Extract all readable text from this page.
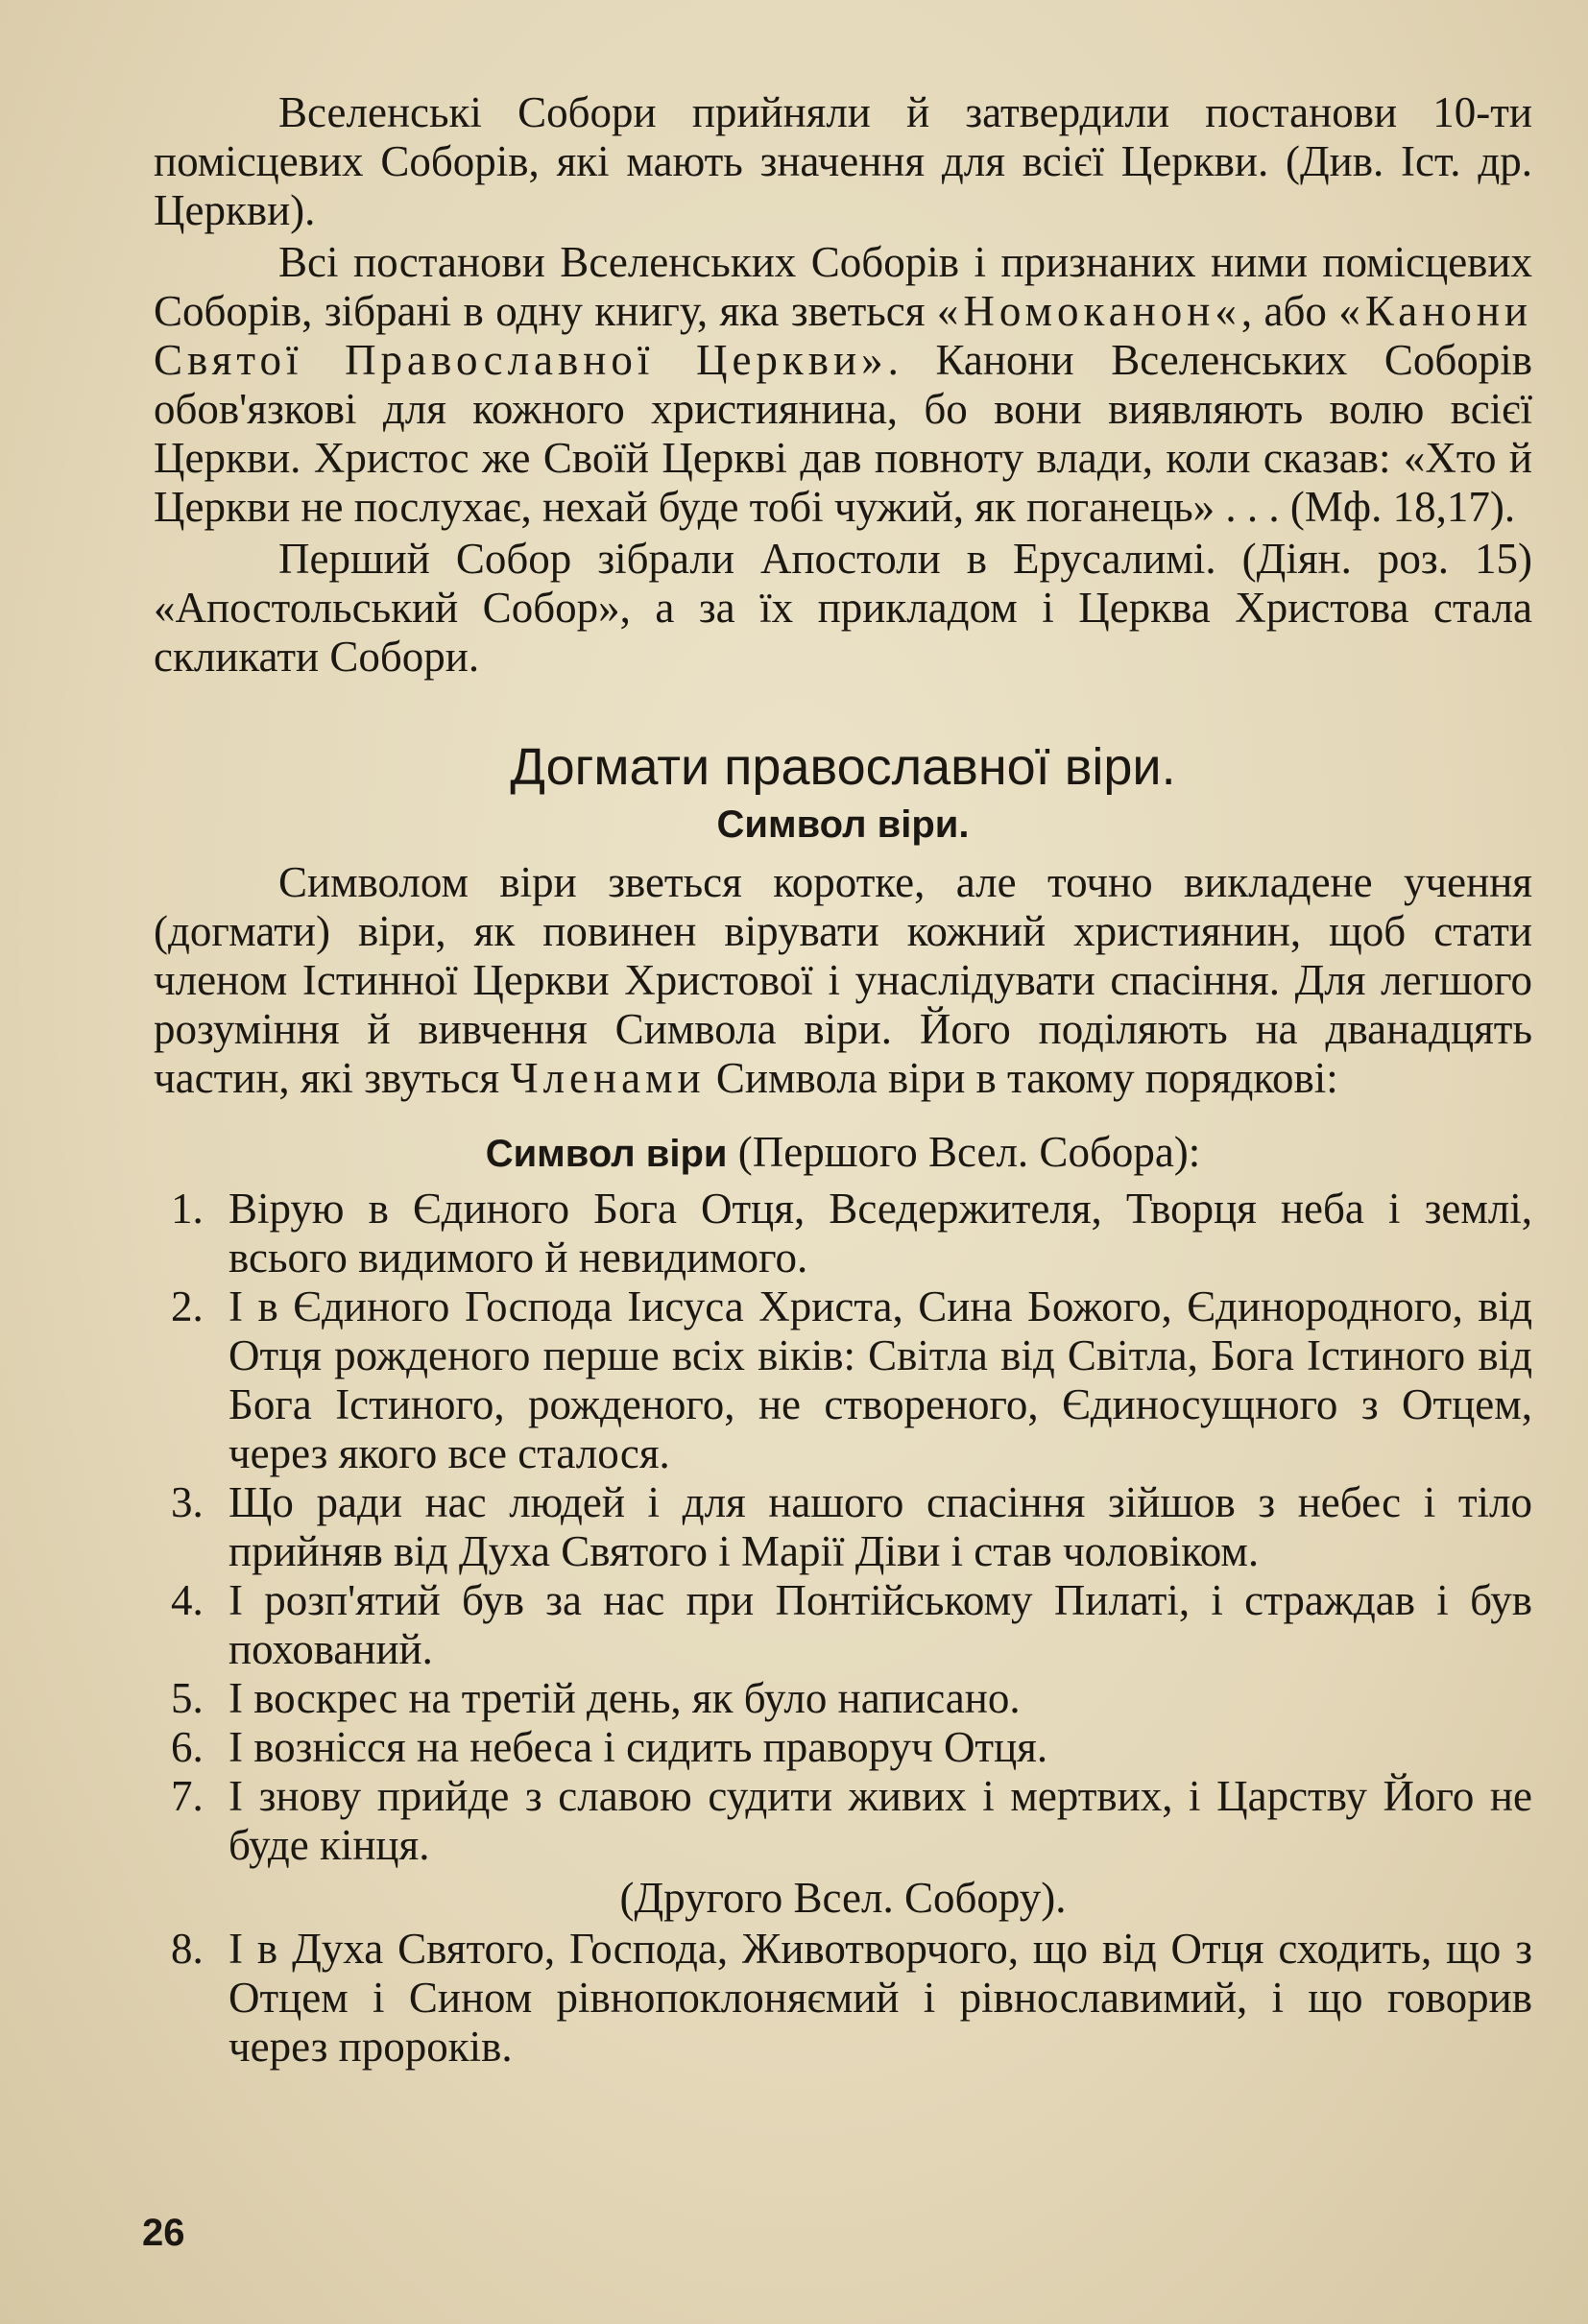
Вселенські Собори прийняли й затвердили постанови 10-ти помісцевих Соборів, які мають значення для всієї Церкви. (Див. Іст. др. Церкви).

Всі постанови Вселенських Соборів і признаних ними помісцевих Соборів, зібрані в одну книгу, яка зветься «Номоканон«, або «Канони Святої Православної Церкви». Канони Вселенських Соборів обов'язкові для кожного християнина, бо вони виявляють волю всієї Церкви. Христос же Своїй Церкві дав повноту влади, коли сказав: «Хто й Церкви не послухає, нехай буде тобі чужий, як поганець» . . . (Мф. 18,17).

Перший Собор зібрали Апостоли в Ерусалимі. (Діян. роз. 15) «Апостольський Собор», а за їх прикладом і Церква Христова стала скликати Собори.

Догмати православної віри.
Символ віри.

Символом віри зветься коротке, але точно викладене учення (догмати) віри, як повинен вірувати кожний християнин, щоб стати членом Істинної Церкви Христової і унаслідувати спасіння. Для легшого розуміння й вивчення Символа віри. Його поділяють на дванадцять частин, які звуться Членами Символа віри в такому порядкові:

Символ віри (Першого Всел. Собора):
1. Вірую в Єдиного Бога Отця, Вседержителя, Творця неба і землі, всього видимого й невидимого.
2. І в Єдиного Господа Іисуса Христа, Сина Божого, Єдинородного, від Отця рожденого перше всіх віків: Світла від Світла, Бога Істиного від Бога Істиного, рожденого, не створеного, Єдиносущного з Отцем, через якого все сталося.
3. Що ради нас людей і для нашого спасіння зійшов з небес і тіло прийняв від Духа Святого і Марії Діви і став чоловіком.
4. І розп'ятий був за нас при Понтійському Пилаті, і страждав і був похований.
5. І воскрес на третій день, як було написано.
6. І вознісся на небеса і сидить праворуч Отця.
7. І знову прийде з славою судити живих і мертвих, і Царству Його не буде кінця.
(Другого Всел. Собору).
8. І в Духа Святого, Господа, Животворчого, що від Отця сходить, що з Отцем і Сином рівнопоклоняємий і рівнославимий, і що говорив через пророків.
26
